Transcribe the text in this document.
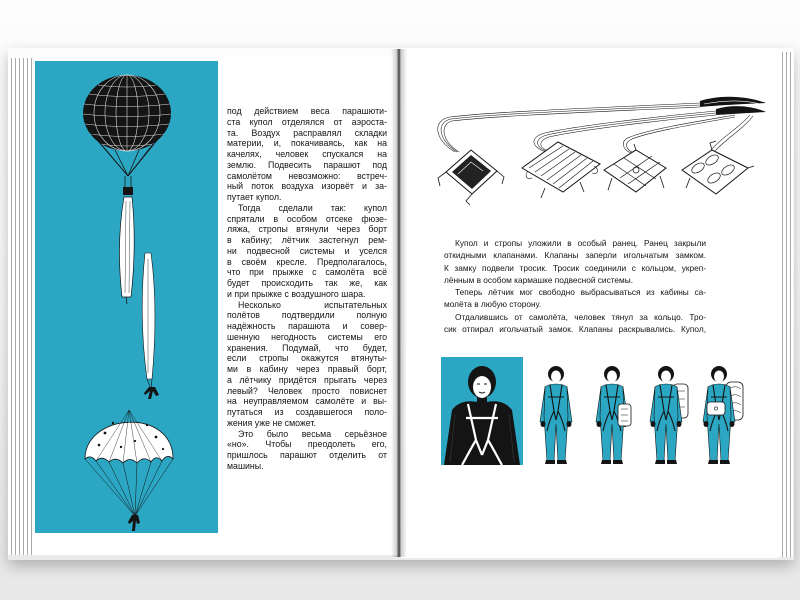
под действием веса парашюти-
ста купол отделялся от аэроста-
та. Воздух расправлял складки
материи, и, покачиваясь, как на
качелях, человек спускался на
землю. Подвесить парашют под
самолётом невозможно: встреч-
ный поток воздуха изорвёт и за-
путает купол.

Тогда сделали так: купол
спрятали в особом отсеке фюзе-
ляжа, стропы втянули через борт
в кабину; лётчик застегнул рем-
ни подвесной системы и уселся
в своём кресле. Предполагалось,
что при прыжке с самолёта всё
будет происходить так же, как
и при прыжке с воздушного шара.

Несколько испытательных
полётов подтвердили полную
надёжность парашюта и совер-
шенную негодность системы его
хранения. Подумай, что будет,
если стропы окажутся втянуты-
ми в кабину через правый борт,
а лётчику придётся прыгать через
левый? Человек просто повиснет
на неуправляемом самолёте и вы-
путаться из создавшегося поло-
жения уже не сможет.

Это было весьма серьёзное
«но». Чтобы преодолеть его,
пришлось парашют отделить от
машины.

Купол и стропы уложили в особый ранец. Ранец закрыли
откидными клапанами. Клапаны заперли игольчатым замком.
К замку подвели тросик. Тросик соединили с кольцом, укреп-
лённым в особом кармашке подвесной системы.

Теперь лётчик мог свободно выбрасываться из кабины са-
молёта в любую сторону.

Отдалившись от самолёта, человек тянул за кольцо. Тро-
сик отпирал игольчатый замок. Клапаны раскрывались. Купол,
